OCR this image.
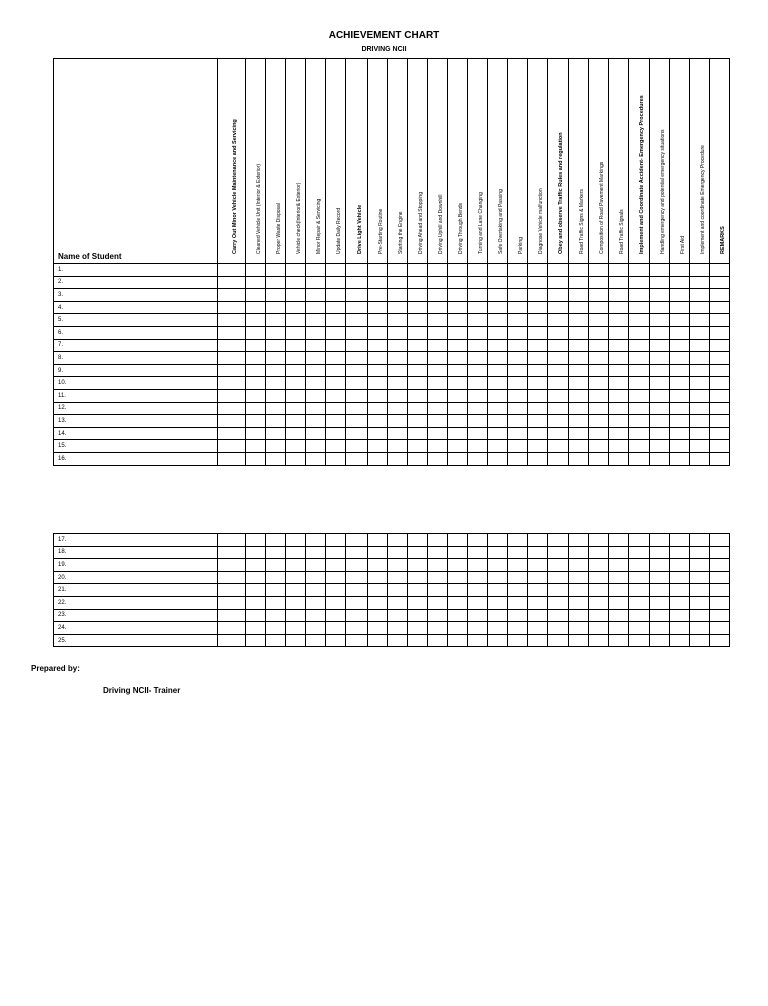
ACHIEVEMENT CHART
DRIVING NCII
Name of Student	Carry Out Minor Vehicle Maintenance and Servicing	Cleaned Vehicle Unit (Interior & Exterior)	Proper Waste Disposal	Vehicle check(Interior& Exterior)	Minor Repair & Servicing	Update Daily Record	Drive Light Vehicle	Pre-Starting Routine	Starting the Engine	Driving Ahead and Stopping	Driving Uphill and Downhill	Driving Through Bends	Turning and Lane Changing	Safe Overtaking and Passing	Parking	Diagnose Vehicle malfunction	Obey and observe Traffic Rules and regulation	Road Traffic Signs & Markers	Composition of Road Pavement Markings	Road Traffic Signals	Implement and Coordinate Accident- Emergency Procedures	Handling emergency and potential emergency situations	First Aid	Implement and coordinate Emergency Procedure	REMARKS

1.																									
2.																									
3.																									
4.																									
5.																									
6.																									
7.																									
8.																									
9.																									
10.																									
11.																									
12.																									
13.																									
14.																									
15.																									
16.																									
17.																									
18.																									
19.																									
20.																									
21.																									
22.																									
23.																									
24.																									
25.																									
Prepared by:
Driving NCII- Trainer
